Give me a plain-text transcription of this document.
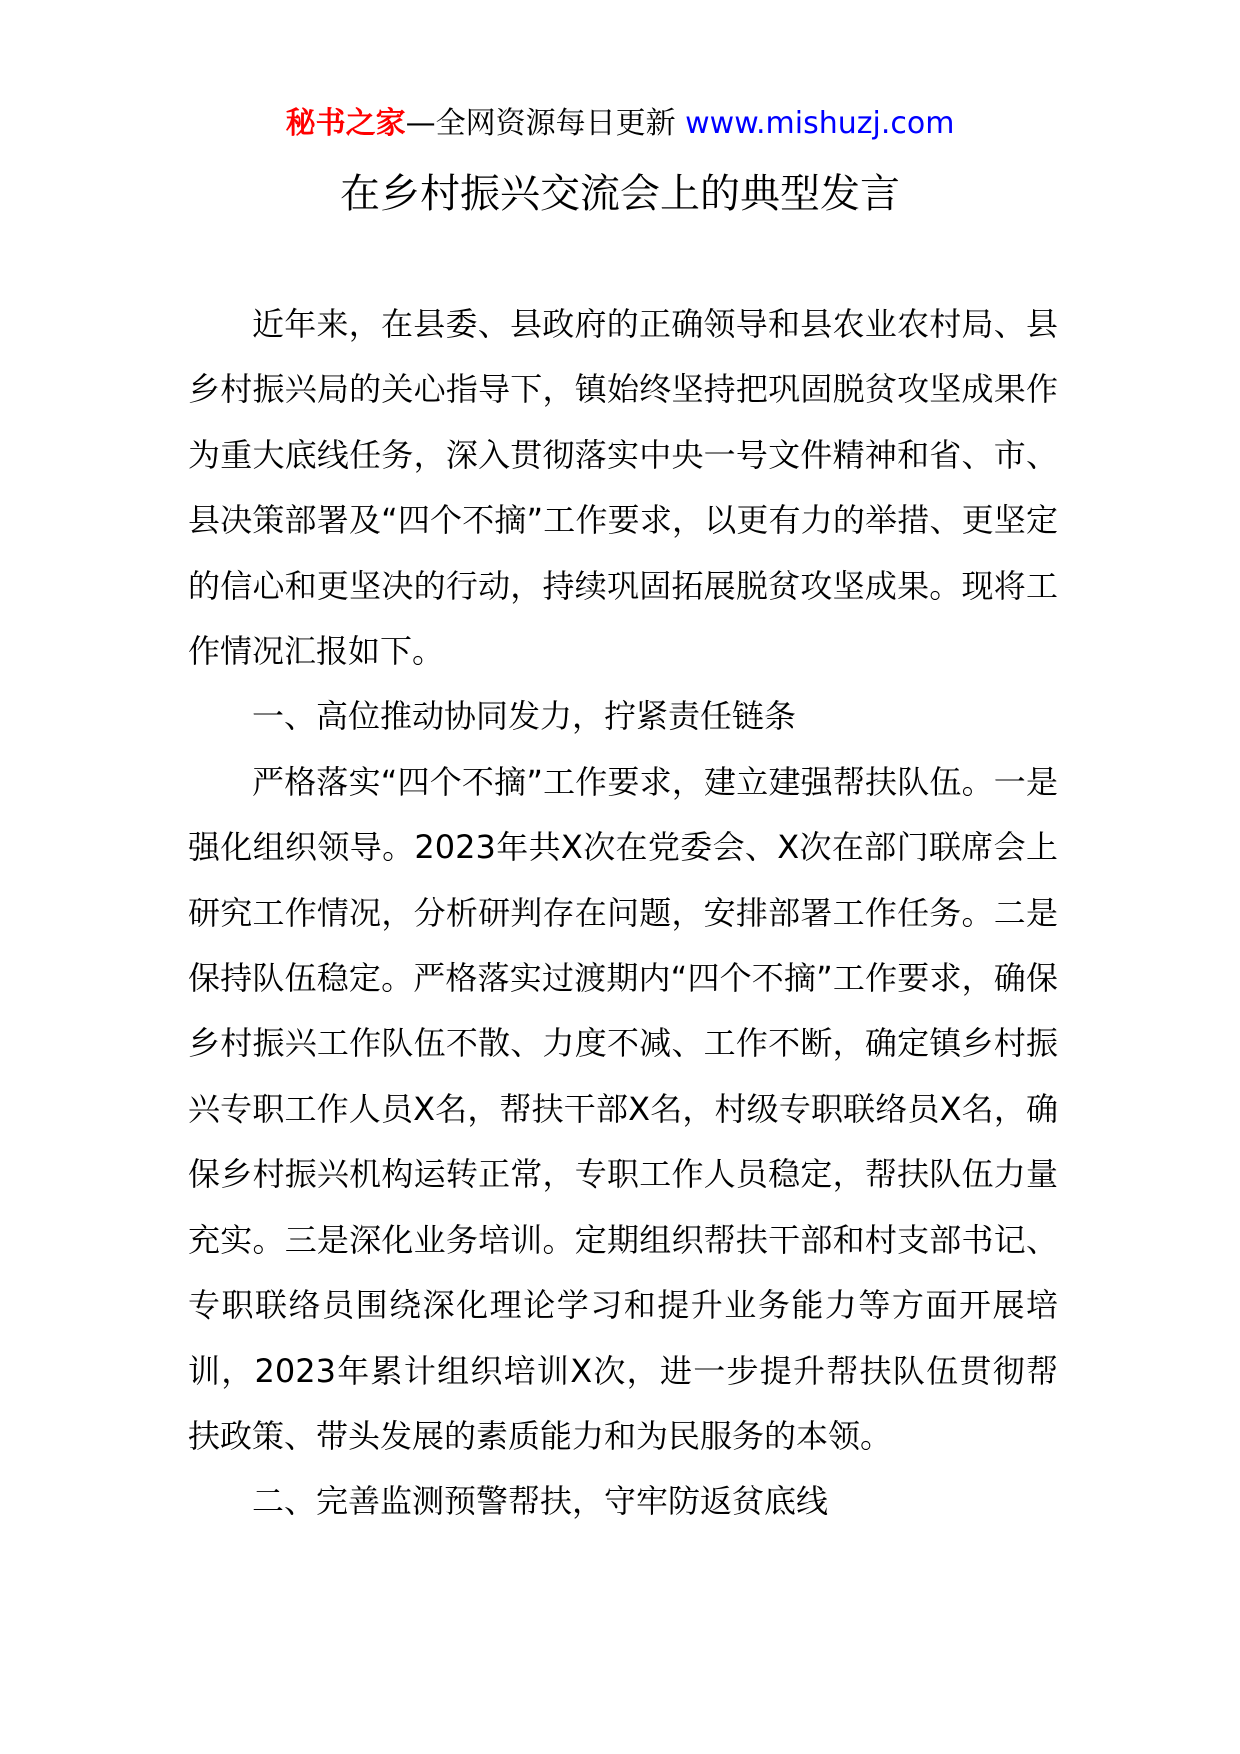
秘书之家—全网资源每日更新 www.mishuzj.com
在乡村振兴交流会上的典型发言

近年来，在县委、县政府的正确领导和县农业农村局、县乡村振兴局的关心指导下，镇始终坚持把巩固脱贫攻坚成果作为重大底线任务，深入贯彻落实中央一号文件精神和省、市、县决策部署及“四个不摘”工作要求，以更有力的举措、更坚定的信心和更坚决的行动，持续巩固拓展脱贫攻坚成果。现将工作情况汇报如下。

一、高位推动协同发力，拧紧责任链条

严格落实“四个不摘”工作要求，建立建强帮扶队伍。一是强化组织领导。2023年共X次在党委会、X次在部门联席会上研究工作情况，分析研判存在问题，安排部署工作任务。二是保持队伍稳定。严格落实过渡期内“四个不摘”工作要求，确保乡村振兴工作队伍不散、力度不减、工作不断，确定镇乡村振兴专职工作人员X名，帮扶干部X名，村级专职联络员X名，确保乡村振兴机构运转正常，专职工作人员稳定，帮扶队伍力量充实。三是深化业务培训。定期组织帮扶干部和村支部书记、专职联络员围绕深化理论学习和提升业务能力等方面开展培训，2023年累计组织培训X次，进一步提升帮扶队伍贯彻帮扶政策、带头发展的素质能力和为民服务的本领。

二、完善监测预警帮扶，守牢防返贫底线
